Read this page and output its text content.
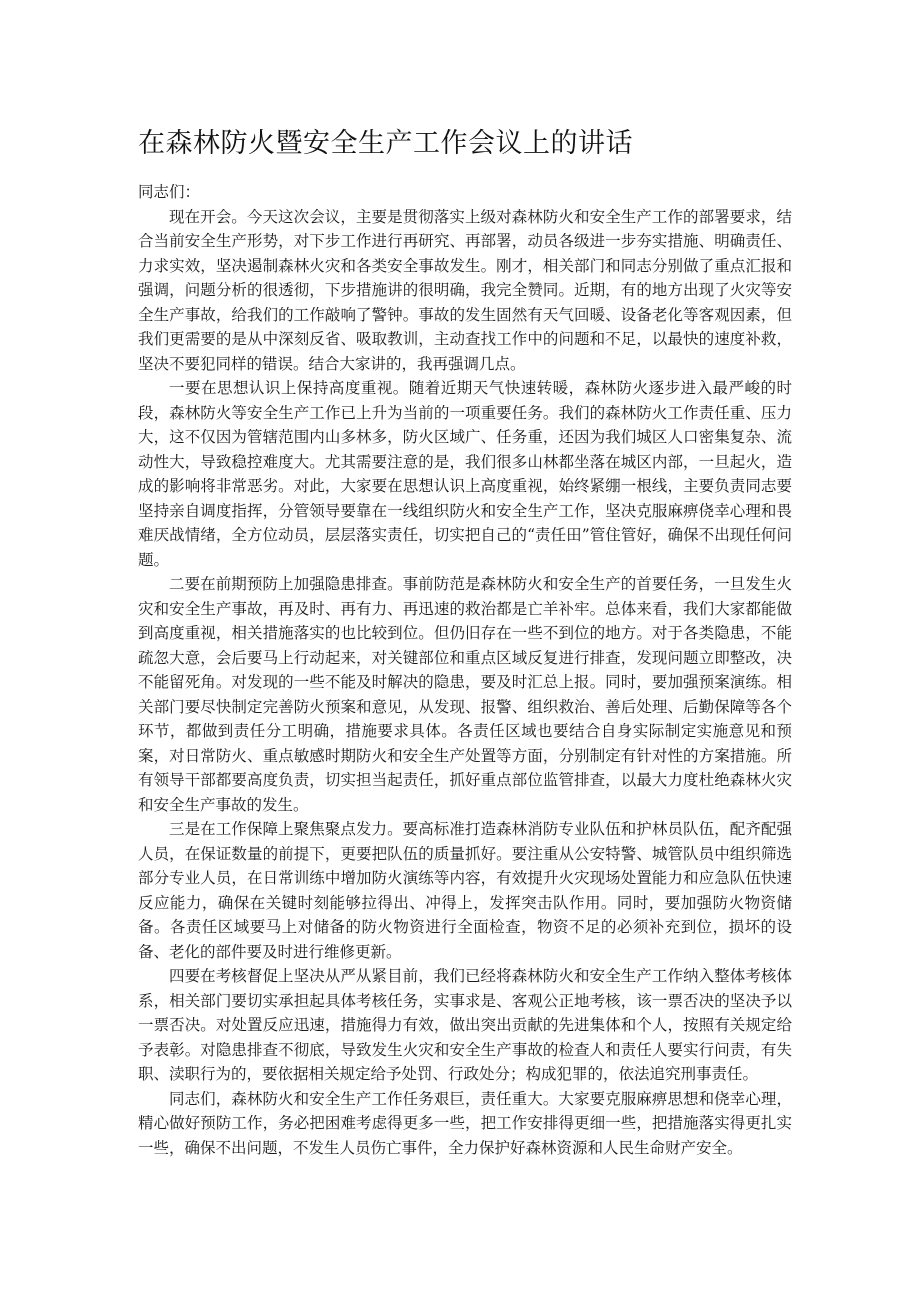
在森林防火暨安全生产工作会议上的讲话

同志们：

现在开会。今天这次会议，主要是贯彻落实上级对森林防火和安全生产工作的部署要求，结合当前安全生产形势，对下步工作进行再研究、再部署，动员各级进一步夯实措施、明确责任、力求实效，坚决遏制森林火灾和各类安全事故发生。刚才，相关部门和同志分别做了重点汇报和强调，问题分析的很透彻，下步措施讲的很明确，我完全赞同。近期，有的地方出现了火灾等安全生产事故，给我们的工作敲响了警钟。事故的发生固然有天气回暖、设备老化等客观因素，但我们更需要的是从中深刻反省、吸取教训，主动查找工作中的问题和不足，以最快的速度补救，坚决不要犯同样的错误。结合大家讲的，我再强调几点。

一要在思想认识上保持高度重视。随着近期天气快速转暖，森林防火逐步进入最严峻的时段，森林防火等安全生产工作已上升为当前的一项重要任务。我们的森林防火工作责任重、压力大，这不仅因为管辖范围内山多林多，防火区域广、任务重，还因为我们城区人口密集复杂、流动性大，导致稳控难度大。尤其需要注意的是，我们很多山林都坐落在城区内部，一旦起火，造成的影响将非常恶劣。对此，大家要在思想认识上高度重视，始终紧绷一根线，主要负责同志要坚持亲自调度指挥，分管领导要靠在一线组织防火和安全生产工作，坚决克服麻痹侥幸心理和畏难厌战情绪，全方位动员，层层落实责任，切实把自己的“责任田”管住管好，确保不出现任何问题。

二要在前期预防上加强隐患排查。事前防范是森林防火和安全生产的首要任务，一旦发生火灾和安全生产事故，再及时、再有力、再迅速的救治都是亡羊补牢。总体来看，我们大家都能做到高度重视，相关措施落实的也比较到位。但仍旧存在一些不到位的地方。对于各类隐患，不能疏忽大意，会后要马上行动起来，对关键部位和重点区域反复进行排查，发现问题立即整改，决不能留死角。对发现的一些不能及时解决的隐患，要及时汇总上报。同时，要加强预案演练。相关部门要尽快制定完善防火预案和意见，从发现、报警、组织救治、善后处理、后勤保障等各个环节，都做到责任分工明确，措施要求具体。各责任区域也要结合自身实际制定实施意见和预案，对日常防火、重点敏感时期防火和安全生产处置等方面，分别制定有针对性的方案措施。所有领导干部都要高度负责，切实担当起责任，抓好重点部位监管排查，以最大力度杜绝森林火灾和安全生产事故的发生。

三是在工作保障上聚焦聚点发力。要高标准打造森林消防专业队伍和护林员队伍，配齐配强人员，在保证数量的前提下，更要把队伍的质量抓好。要注重从公安特警、城管队员中组织筛选部分专业人员，在日常训练中增加防火演练等内容，有效提升火灾现场处置能力和应急队伍快速反应能力，确保在关键时刻能够拉得出、冲得上，发挥突击队作用。同时，要加强防火物资储备。各责任区域要马上对储备的防火物资进行全面检查，物资不足的必须补充到位，损坏的设备、老化的部件要及时进行维修更新。

四要在考核督促上坚决从严从紧目前，我们已经将森林防火和安全生产工作纳入整体考核体系，相关部门要切实承担起具体考核任务，实事求是、客观公正地考核，该一票否决的坚决予以一票否决。对处置反应迅速，措施得力有效，做出突出贡献的先进集体和个人，按照有关规定给予表彰。对隐患排查不彻底，导致发生火灾和安全生产事故的检查人和责任人要实行问责，有失职、渎职行为的，要依据相关规定给予处罚、行政处分；构成犯罪的，依法追究刑事责任。

同志们，森林防火和安全生产工作任务艰巨，责任重大。大家要克服麻痹思想和侥幸心理，精心做好预防工作，务必把困难考虑得更多一些，把工作安排得更细一些，把措施落实得更扎实一些，确保不出问题，不发生人员伤亡事件，全力保护好森林资源和人民生命财产安全。
